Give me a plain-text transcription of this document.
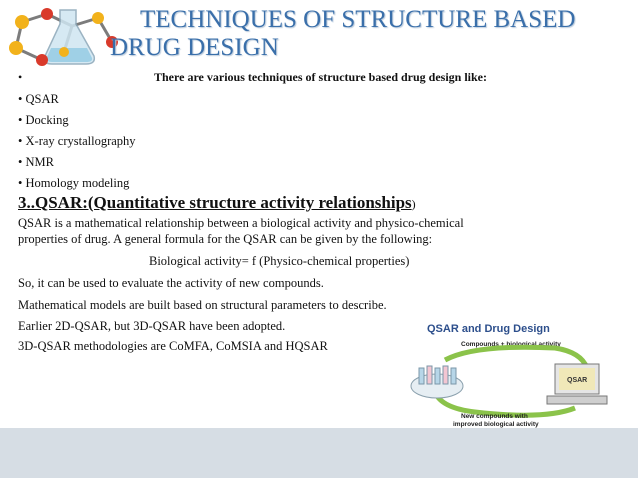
TECHNIQUES OF STRUCTURE BASED
DRUG DESIGN
•	There are various techniques of structure based drug design like:
• QSAR
• Docking
• X-ray crystallography
• NMR
• Homology modeling
3..QSAR:(Quantitative structure activity relationships)
QSAR is a mathematical relationship between a biological activity and physico-chemical
properties of drug. A general formula for the QSAR can be given by the following:
Biological activity= f (Physico-chemical properties)
So, it can be used to evaluate the activity of new compounds.
Mathematical models are built based on structural parameters to describe.
Earlier 2D-QSAR, but 3D-QSAR have been adopted.
3D-QSAR methodologies are CoMFA, CoMSIA and HQSAR
QSAR and Drug Design
Compounds + biological activity
QSAR
New compounds with
improved biological activity
